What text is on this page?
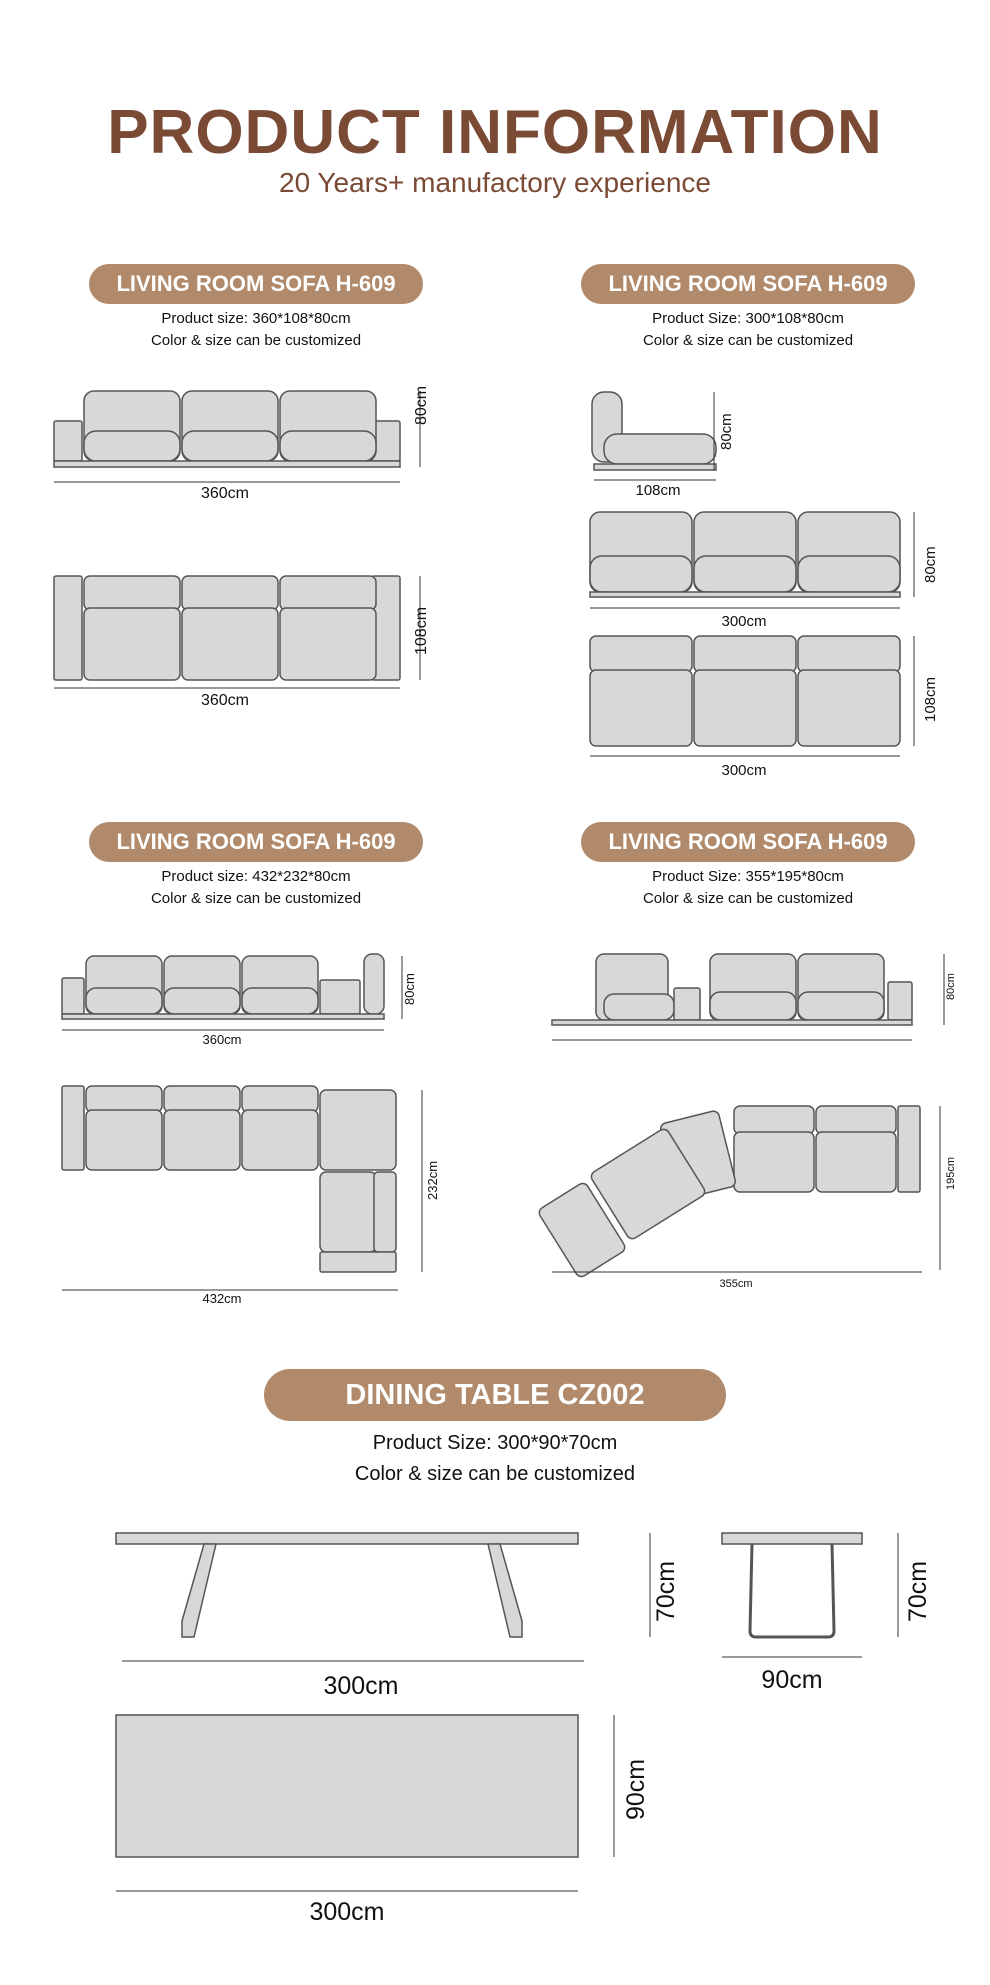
PRODUCT INFORMATION
20 Years+ manufactory experience
LIVING ROOM SOFA H-609
Product size: 360*108*80cm
Color & size can be customized
360cm
80cm
360cm
108cm
LIVING ROOM SOFA H-609
Product Size: 300*108*80cm
Color & size can be customized
108cm
80cm
300cm
80cm
300cm
108cm
LIVING ROOM SOFA H-609
Product size: 432*232*80cm
Color & size can be customized
360cm
80cm
432cm
232cm
LIVING ROOM SOFA H-609
Product Size: 355*195*80cm
Color & size can be customized
80cm
355cm
195cm
DINING TABLE CZ002
Product Size: 300*90*70cm
Color & size can be customized
300cm
70cm
90cm
70cm
300cm
90cm
